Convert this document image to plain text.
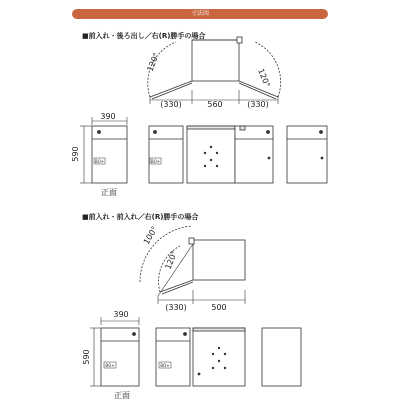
寸法図
■前入れ・後ろ出し／右(R)勝手の場合
120°
120°
(330)	560	(330)
390
590	BO+
正面
BO+
■前入れ・前入れ／右(R)勝手の場合
100°
120°
(330)	500
390
590
BO+
正面
BO+
